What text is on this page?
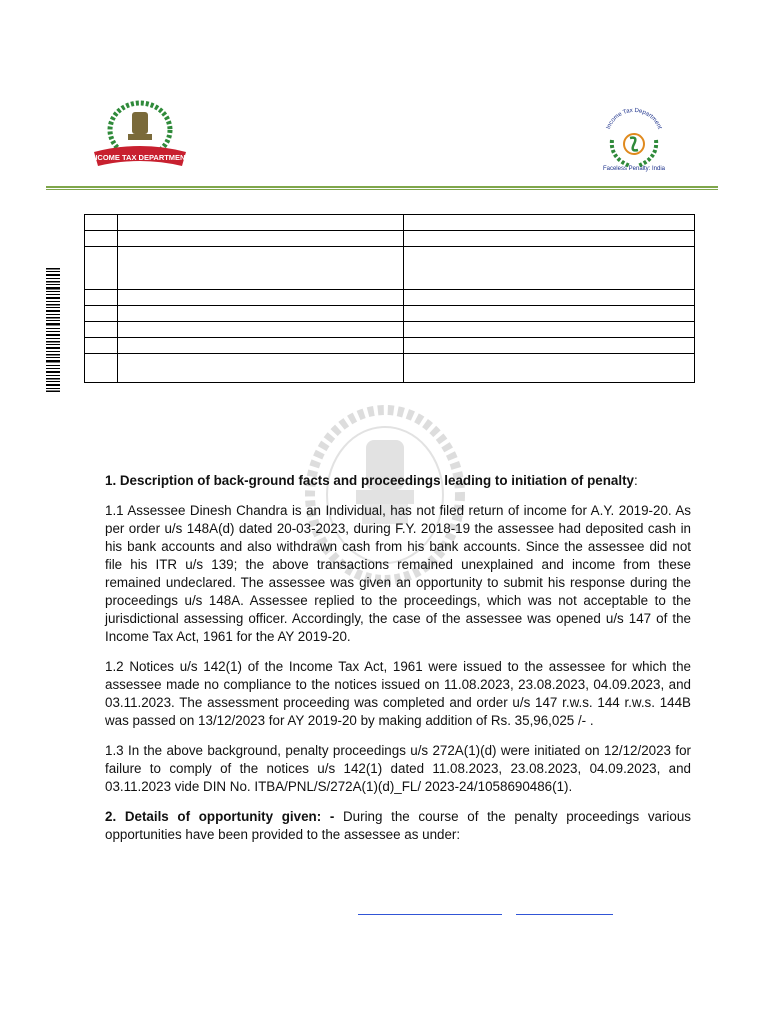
INCOME TAX DEPARTMENT
Income Tax Department
Faceless Penalty: India

1. Description of back-ground facts and proceedings leading to initiation of penalty:

1.1 Assessee Dinesh Chandra is an Individual, has not filed return of income for A.Y. 2019-20. As per order u/s 148A(d) dated 20-03-2023, during F.Y. 2018-19 the assessee had deposited cash in his bank accounts and also withdrawn cash from his bank accounts. Since the assessee did not file his ITR u/s 139; the above transactions remained unexplained and income from these remained undeclared. The assessee was given an opportunity to submit his response during the proceedings u/s 148A. Assessee replied to the proceedings, which was not acceptable to the jurisdictional assessing officer. Accordingly, the case of the assessee was opened u/s 147 of the Income Tax Act, 1961 for the AY 2019-20.

1.2 Notices u/s 142(1) of the Income Tax Act, 1961 were issued to the assessee for which the assessee made no compliance to the notices issued on 11.08.2023, 23.08.2023, 04.09.2023, and 03.11.2023. The assessment proceeding was completed and order u/s 147 r.w.s. 144 r.w.s. 144B was passed on 13/12/2023 for AY 2019-20 by making addition of Rs. 35,96,025 /- .

1.3 In the above background, penalty proceedings u/s 272A(1)(d) were initiated on 12/12/2023 for failure to comply of the notices u/s 142(1) dated 11.08.2023, 23.08.2023, 04.09.2023, and 03.11.2023 vide DIN No. ITBA/PNL/S/272A(1)(d)_FL/ 2023-24/1058690486(1).

2. Details of opportunity given: - During the course of the penalty proceedings various opportunities have been provided to the assessee as under:
